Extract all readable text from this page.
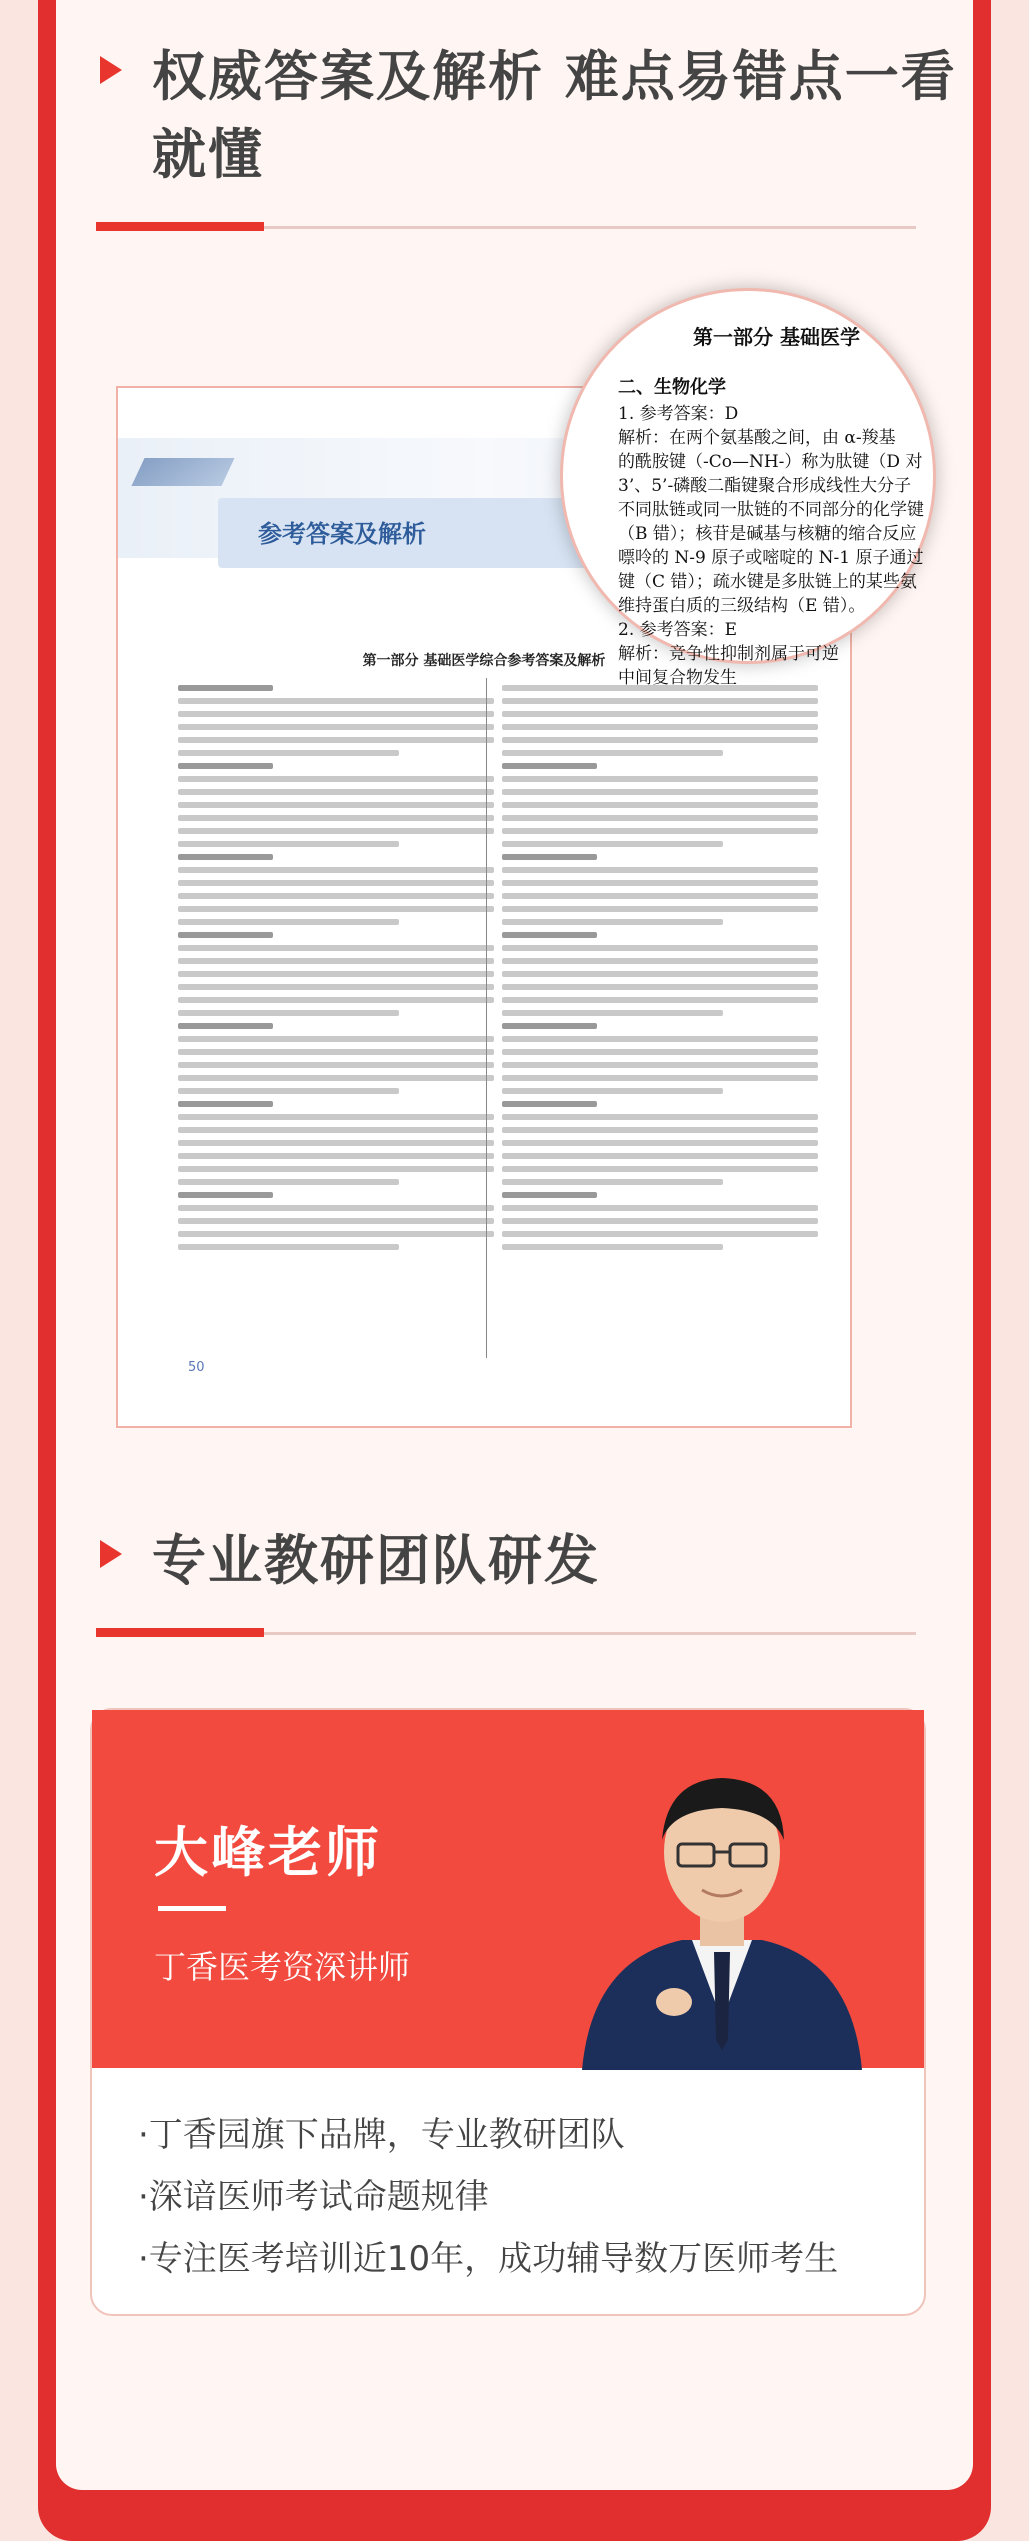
权威答案及解析 难点易错点一看
就懂
参考答案及解析
第一部分 基础医学综合参考答案及解析
50
第一部分 基础医学
二、生物化学
1. 参考答案：D
解析：在两个氨基酸之间，由 α-羧基
的酰胺键（-Co—NH-）称为肽键（D 对
3’、5’-磷酸二酯键聚合形成线性大分子
不同肽链或同一肽链的不同部分的化学键
（B 错）；核苷是碱基与核糖的缩合反应
嘌呤的 N-9 原子或嘧啶的 N-1 原子通过
键（C 错）；疏水键是多肽链上的某些氨
维持蛋白质的三级结构（E 错）。
2. 参考答案：E
解析：竞争性抑制剂属于可逆
中间复合物发生
专业教研团队研发
大峰老师
丁香医考资深讲师
·丁香园旗下品牌，专业教研团队
·深谙医师考试命题规律
·专注医考培训近10年，成功辅导数万医师考生
